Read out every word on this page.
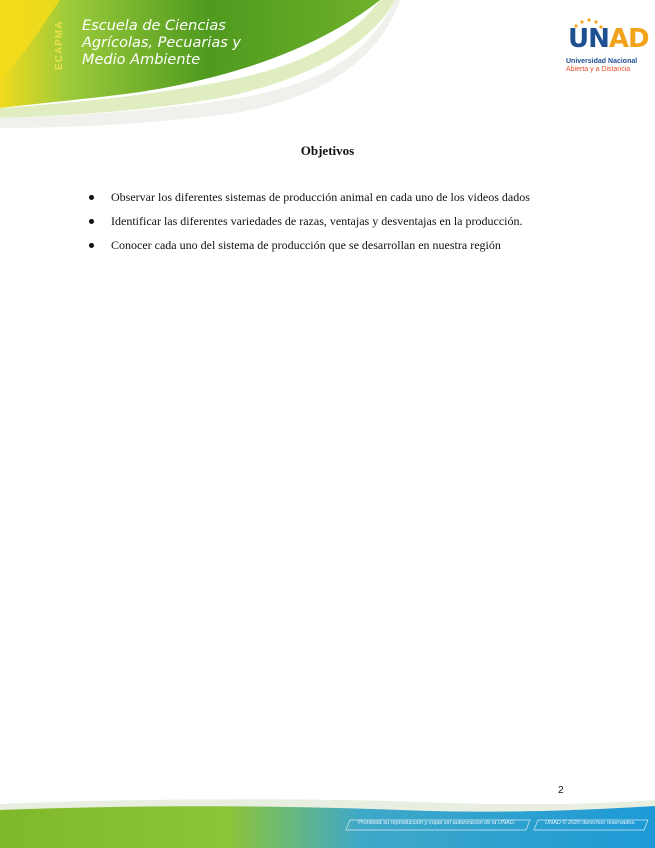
ECAPMA Escuela de Ciencias
Agrícolas, Pecuarias y
Medio Ambiente
UNAD
Universidad Nacional
Abierta y a Distancia
Objetivos
Observar los diferentes sistemas de producción animal en cada uno de los videos dados
Identificar las diferentes variedades de razas, ventajas y desventajas en la producción.
Conocer cada uno del sistema de producción que se desarrollan en nuestra región
2
Prohibida su reproducción y copia sin autorización de la UNAD.	UNAD © 2020 derechos reservados.
